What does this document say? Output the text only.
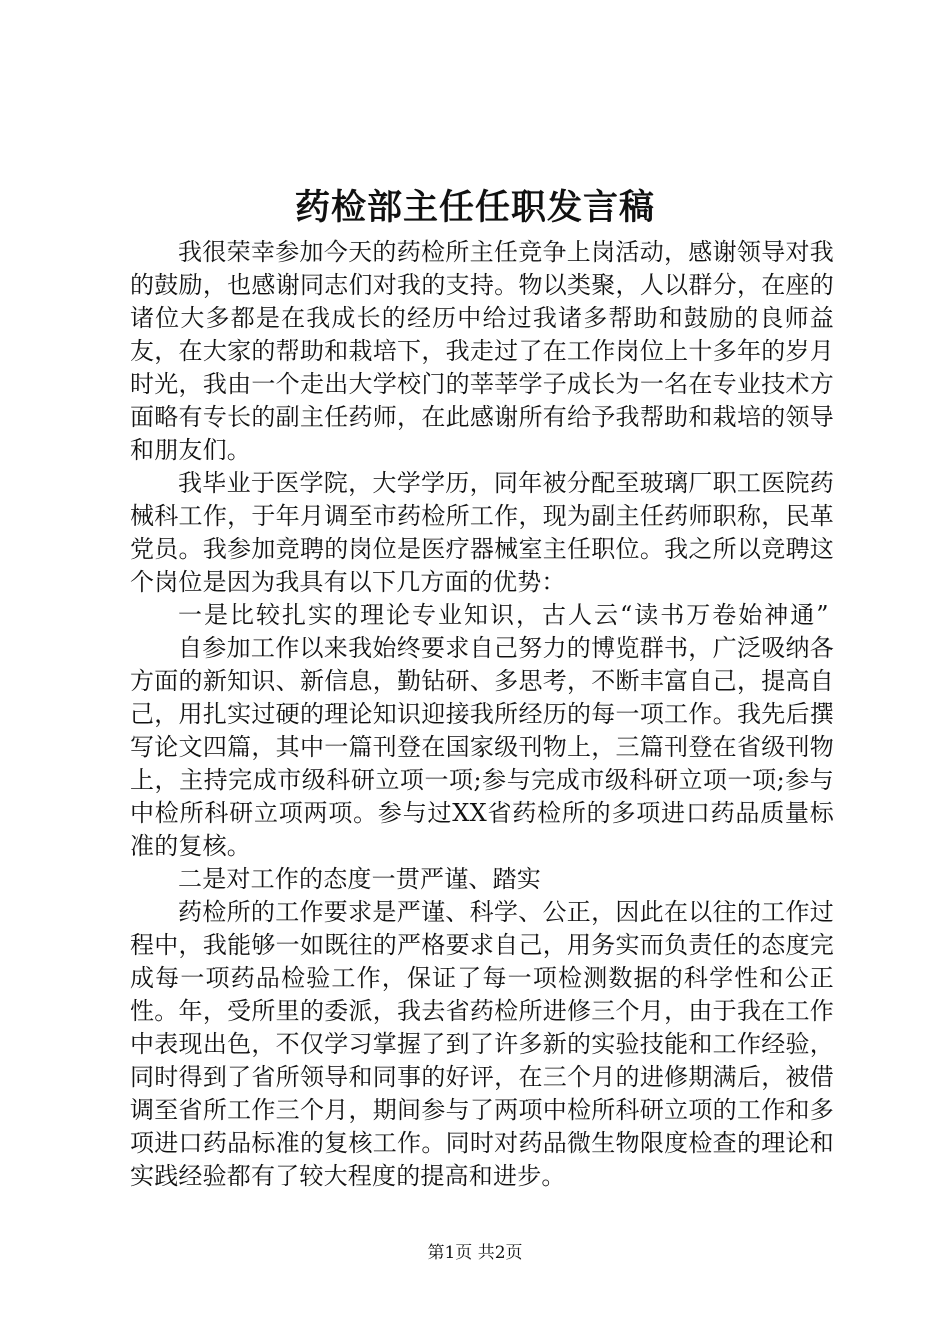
药检部主任任职发言稿

我很荣幸参加今天的药检所主任竞争上岗活动，感谢领导对我的鼓励，也感谢同志们对我的支持。物以类聚，人以群分，在座的诸位大多都是在我成长的经历中给过我诸多帮助和鼓励的良师益友，在大家的帮助和栽培下，我走过了在工作岗位上十多年的岁月时光，我由一个走出大学校门的莘莘学子成长为一名在专业技术方面略有专长的副主任药师，在此感谢所有给予我帮助和栽培的领导和朋友们。

我毕业于医学院，大学学历，同年被分配至玻璃厂职工医院药械科工作，于年月调至市药检所工作，现为副主任药师职称，民革党员。我参加竞聘的岗位是医疗器械室主任职位。我之所以竞聘这个岗位是因为我具有以下几方面的优势：

一是比较扎实的理论专业知识，古人云“读书万卷始神通”

自参加工作以来我始终要求自己努力的博览群书，广泛吸纳各方面的新知识、新信息，勤钻研、多思考，不断丰富自己，提高自己，用扎实过硬的理论知识迎接我所经历的每一项工作。我先后撰写论文四篇，其中一篇刊登在国家级刊物上，三篇刊登在省级刊物上，主持完成市级科研立项一项;参与完成市级科研立项一项;参与中检所科研立项两项。参与过XX省药检所的多项进口药品质量标准的复核。

二是对工作的态度一贯严谨、踏实

药检所的工作要求是严谨、科学、公正，因此在以往的工作过程中，我能够一如既往的严格要求自己，用务实而负责任的态度完成每一项药品检验工作，保证了每一项检测数据的科学性和公正性。年，受所里的委派，我去省药检所进修三个月，由于我在工作中表现出色，不仅学习掌握了到了许多新的实验技能和工作经验，同时得到了省所领导和同事的好评，在三个月的进修期满后，被借调至省所工作三个月，期间参与了两项中检所科研立项的工作和多项进口药品标准的复核工作。同时对药品微生物限度检查的理论和实践经验都有了较大程度的提高和进步。

第1页 共2页
